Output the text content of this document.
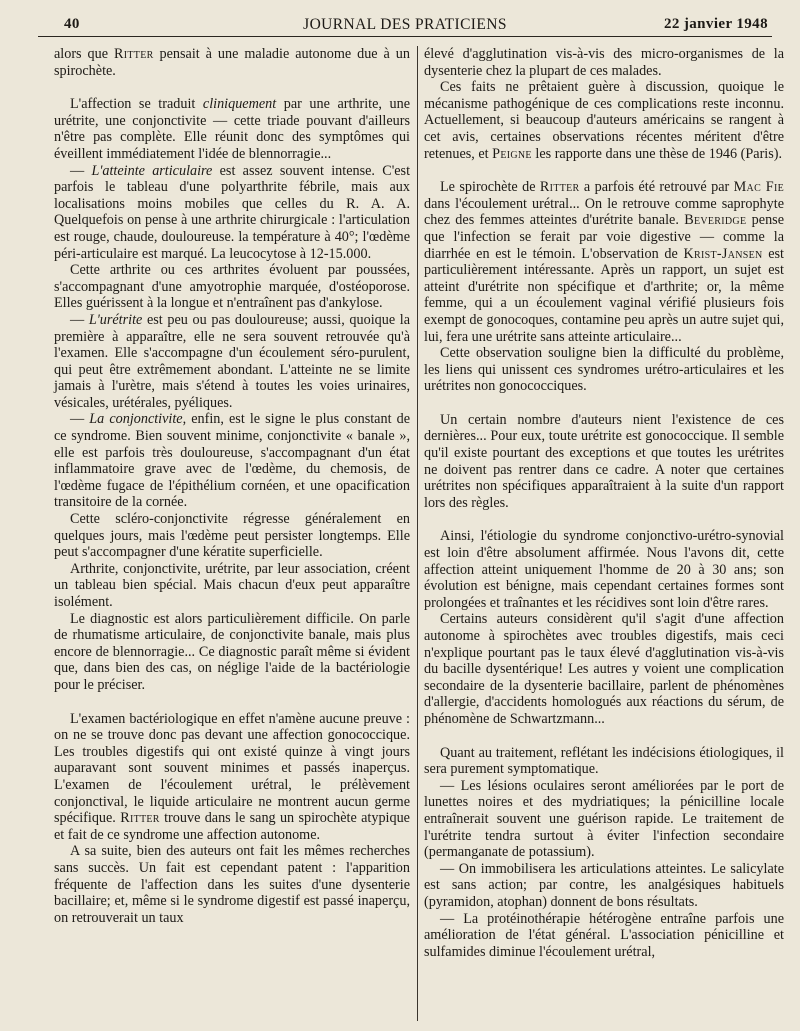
40	JOURNAL DES PRATICIENS	22 janvier 1948

alors que Ritter pensait à une maladie autonome due à un spirochète.

L'affection se traduit cliniquement par une arthrite, une urétrite, une conjonctivite — cette triade pouvant d'ailleurs n'être pas complète. Elle réunit donc des symptômes qui éveillent immédiatement l'idée de blennorragie...

— L'atteinte articulaire est assez souvent intense. C'est parfois le tableau d'une polyarthrite fébrile, mais aux localisations moins mobiles que celles du R. A. A. Quelquefois on pense à une arthrite chirurgicale : l'articulation est rouge, chaude, douloureuse. la température à 40°; l'œdème péri-articulaire est marqué. La leucocytose à 12-15.000.

Cette arthrite ou ces arthrites évoluent par poussées, s'accompagnant d'une amyotrophie marquée, d'ostéoporose. Elles guérissent à la longue et n'entraînent pas d'ankylose.

— L'urétrite est peu ou pas douloureuse; aussi, quoique la première à apparaître, elle ne sera souvent retrouvée qu'à l'examen. Elle s'accompagne d'un écoulement séro-purulent, qui peut être extrêmement abondant. L'atteinte ne se limite jamais à l'urètre, mais s'étend à toutes les voies urinaires, vésicales, urétérales, pyéliques.

— La conjonctivite, enfin, est le signe le plus constant de ce syndrome. Bien souvent minime, conjonctivite « banale », elle est parfois très douloureuse, s'accompagnant d'un état inflammatoire grave avec de l'œdème, du chemosis, de l'œdème fugace de l'épithélium cornéen, et une opacification transitoire de la cornée.

Cette scléro-conjonctivite régresse généralement en quelques jours, mais l'œdème peut persister longtemps. Elle peut s'accompagner d'une kératite superficielle.

Arthrite, conjonctivite, urétrite, par leur association, créent un tableau bien spécial. Mais chacun d'eux peut apparaître isolément.

Le diagnostic est alors particulièrement difficile. On parle de rhumatisme articulaire, de conjonctivite banale, mais plus encore de blennorragie... Ce diagnostic paraît même si évident que, dans bien des cas, on néglige l'aide de la bactériologie pour le préciser.

L'examen bactériologique en effet n'amène aucune preuve : on ne se trouve donc pas devant une affection gonococcique. Les troubles digestifs qui ont existé quinze à vingt jours auparavant sont souvent minimes et passés inaperçus. L'examen de l'écoulement urétral, le prélèvement conjonctival, le liquide articulaire ne montrent aucun germe spécifique. Ritter trouve dans le sang un spirochète atypique et fait de ce syndrome une affection autonome.

A sa suite, bien des auteurs ont fait les mêmes recherches sans succès. Un fait est cependant patent : l'apparition fréquente de l'affection dans les suites d'une dysenterie bacillaire; et, même si le syndrome digestif est passé inaperçu, on retrouverait un taux

élevé d'agglutination vis-à-vis des micro-organismes de la dysenterie chez la plupart de ces malades.

Ces faits ne prêtaient guère à discussion, quoique le mécanisme pathogénique de ces complications reste inconnu. Actuellement, si beaucoup d'auteurs américains se rangent à cet avis, certaines observations récentes méritent d'être retenues, et Peigne les rapporte dans une thèse de 1946 (Paris).

Le spirochète de Ritter a parfois été retrouvé par Mac Fie dans l'écoulement urétral... On le retrouve comme saprophyte chez des femmes atteintes d'urétrite banale. Beveridge pense que l'infection se ferait par voie digestive — comme la diarrhée en est le témoin. L'observation de Krist-Jansen est particulièrement intéressante. Après un rapport, un sujet est atteint d'urétrite non spécifique et d'arthrite; or, la même femme, qui a un écoulement vaginal vérifié plusieurs fois exempt de gonocoques, contamine peu après un autre sujet qui, lui, fera une urétrite sans atteinte articulaire...

Cette observation souligne bien la difficulté du problème, les liens qui unissent ces syndromes urétro-articulaires et les urétrites non gonococciques.

Un certain nombre d'auteurs nient l'existence de ces dernières... Pour eux, toute urétrite est gonococcique. Il semble qu'il existe pourtant des exceptions et que toutes les urétrites ne doivent pas rentrer dans ce cadre. A noter que certaines urétrites non spécifiques apparaîtraient à la suite d'un rapport lors des règles.

Ainsi, l'étiologie du syndrome conjonctivo-urétro-synovial est loin d'être absolument affirmée. Nous l'avons dit, cette affection atteint uniquement l'homme de 20 à 30 ans; son évolution est bénigne, mais cependant certaines formes sont prolongées et traînantes et les récidives sont loin d'être rares.

Certains auteurs considèrent qu'il s'agit d'une affection autonome à spirochètes avec troubles digestifs, mais ceci n'explique pourtant pas le taux élevé d'agglutination vis-à-vis du bacille dysentérique! Les autres y voient une complication secondaire de la dysenterie bacillaire, parlent de phénomènes d'allergie, d'accidents homologués aux réactions du sérum, de phénomène de Schwartzmann...

Quant au traitement, reflétant les indécisions étiologiques, il sera purement symptomatique.

— Les lésions oculaires seront améliorées par le port de lunettes noires et des mydriatiques; la pénicilline locale entraînerait souvent une guérison rapide. Le traitement de l'urétrite tendra surtout à éviter l'infection secondaire (permanganate de potassium).

— On immobilisera les articulations atteintes. Le salicylate est sans action; par contre, les analgésiques habituels (pyramidon, atophan) donnent de bons résultats.

— La protéinothérapie hétérogène entraîne parfois une amélioration de l'état général. L'association pénicilline et sulfamides diminue l'écoulement urétral,
